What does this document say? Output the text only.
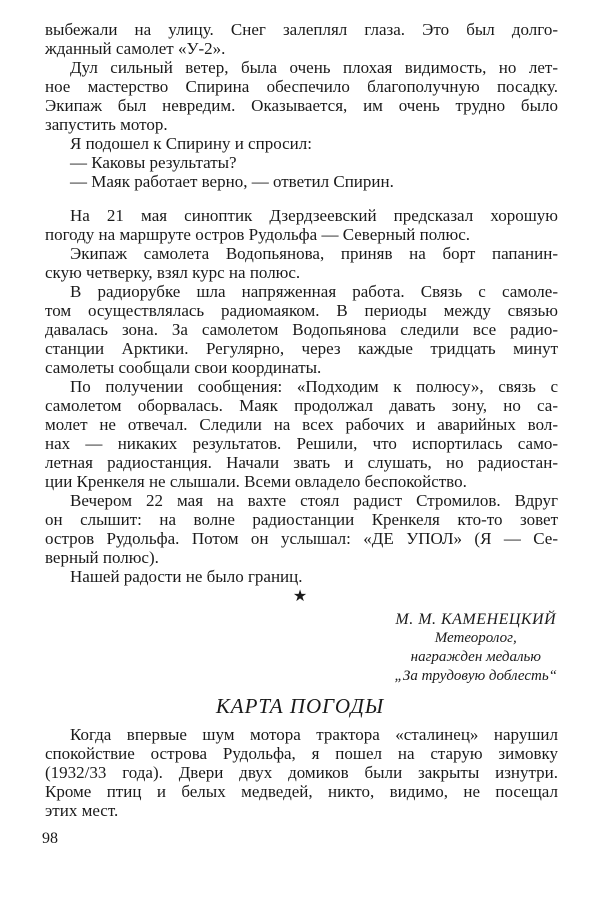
выбежали на улицу. Снег залеплял глаза. Это был долго-
жданный самолет «У-2».
Дул сильный ветер, была очень плохая видимость, но лет-
ное мастерство Спирина обеспечило благополучную посадку.
Экипаж был невредим. Оказывается, им очень трудно было
запустить мотор.
Я подошел к Спирину и спросил:
— Каковы результаты?
— Маяк работает верно, — ответил Спирин.
На 21 мая синоптик Дзердзеевский предсказал хорошую
погоду на маршруте остров Рудольфа — Северный полюс.
Экипаж самолета Водопьянова, приняв на борт папанин-
скую четверку, взял курс на полюс.
В радиорубке шла напряженная работа. Связь с самоле-
том осуществлялась радиомаяком. В периоды между связью
давалась зона. За самолетом Водопьянова следили все радио-
станции Арктики. Регулярно, через каждые тридцать минут
самолеты сообщали свои координаты.
По получении сообщения: «Подходим к полюсу», связь с
самолетом оборвалась. Маяк продолжал давать зону, но са-
молет не отвечал. Следили на всех рабочих и аварийных вол-
нах — никаких результатов. Решили, что испортилась само-
летная радиостанция. Начали звать и слушать, но радиостан-
ции Кренкеля не слышали. Всеми овладело беспокойство.
Вечером 22 мая на вахте стоял радист Стромилов. Вдруг
он слышит: на волне радиостанции Кренкеля кто-то зовет
остров Рудольфа. Потом он услышал: «ДЕ УПОЛ» (Я — Се-
верный полюс).
Нашей радости не было границ.
★
М. М. КАМЕНЕЦКИЙ
Метеоролог,
награжден медалью
„За трудовую доблесть“
КАРТА ПОГОДЫ
Когда впервые шум мотора трактора «сталинец» нарушил
спокойствие острова Рудольфа, я пошел на старую зимовку
(1932/33 года). Двери двух домиков были закрыты изнутри.
Кроме птиц и белых медведей, никто, видимо, не посещал
этих мест.
98
